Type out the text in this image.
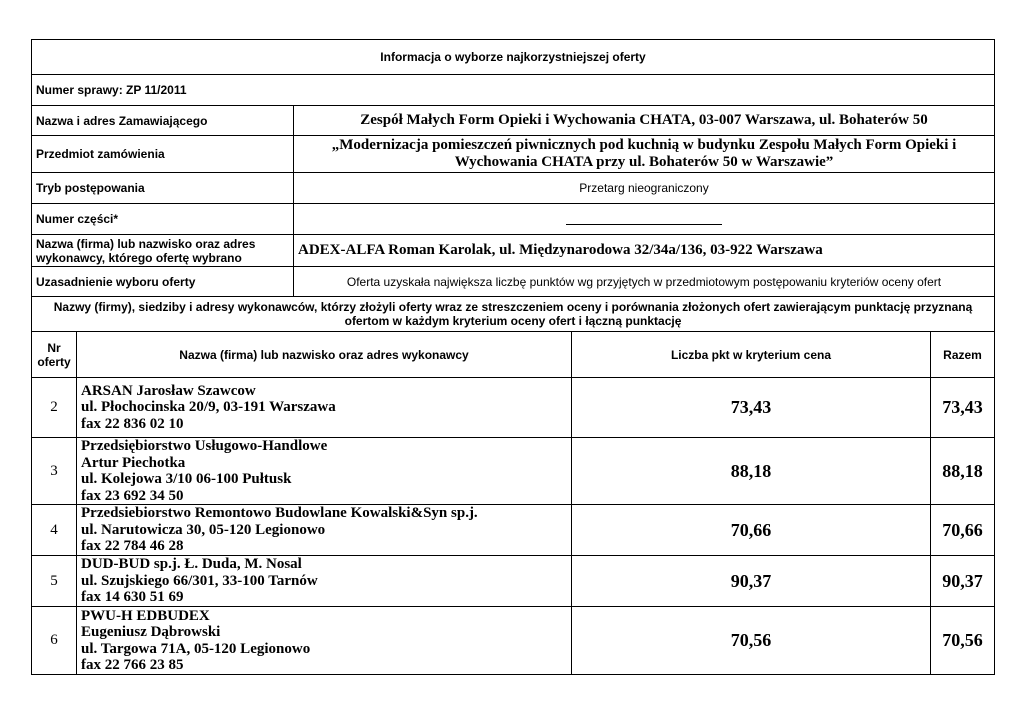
Informacja o wyborze najkorzystniejszej oferty				
Numer sprawy: ZP 11/2011				
Nazwa i adres Zamawiającego		Zespół Małych Form Opieki i Wychowania CHATA, 03-007 Warszawa, ul. Bohaterów 50		
Przedmiot zamówienia		„Modernizacja pomieszczeń piwnicznych pod kuchnią w budynku Zespołu Małych Form Opieki i Wychowania CHATA przy ul. Bohaterów 50 w Warszawie”		
Tryb postępowania		Przetarg nieograniczony		
Numer części*				
Nazwa (firma) lub nazwisko oraz adres wykonawcy, którego ofertę wybrano		ADEX-ALFA Roman Karolak, ul. Międzynarodowa 32/34a/136, 03-922 Warszawa		
Uzasadnienie wyboru oferty		Oferta uzyskała największa liczbę punktów wg przyjętych w przedmiotowym postępowaniu kryteriów oceny ofert		
Nazwy (firmy), siedziby i adresy wykonawców, którzy złożyli oferty wraz ze streszczeniem oceny i porównania złożonych ofert zawierającym punktację przyznaną ofertom w każdym kryterium oceny ofert i łączną punktację				
Nr oferty	Nazwa (firma) lub nazwisko oraz adres wykonawcy		Liczba pkt w kryterium cena	Razem
2	ARSAN Jarosław Szawcow
ul. Płochocinska 20/9, 03-191 Warszawa
fax 22 836 02 10		73,43	73,43
3	Przedsiębiorstwo Usługowo-Handlowe
Artur Piechotka
ul. Kolejowa 3/10 06-100 Pułtusk
fax 23 692 34 50		88,18	88,18
4	Przedsiebiorstwo Remontowo Budowlane Kowalski&Syn sp.j.
ul. Narutowicza 30, 05-120 Legionowo
fax 22 784 46 28		70,66	70,66
5	DUD-BUD sp.j. Ł. Duda, M. Nosal
ul. Szujskiego 66/301, 33-100 Tarnów
fax 14 630 51 69		90,37	90,37
6	PWU-H EDBUDEX
Eugeniusz Dąbrowski
ul. Targowa 71A, 05-120 Legionowo
fax 22 766 23 85		70,56	70,56
